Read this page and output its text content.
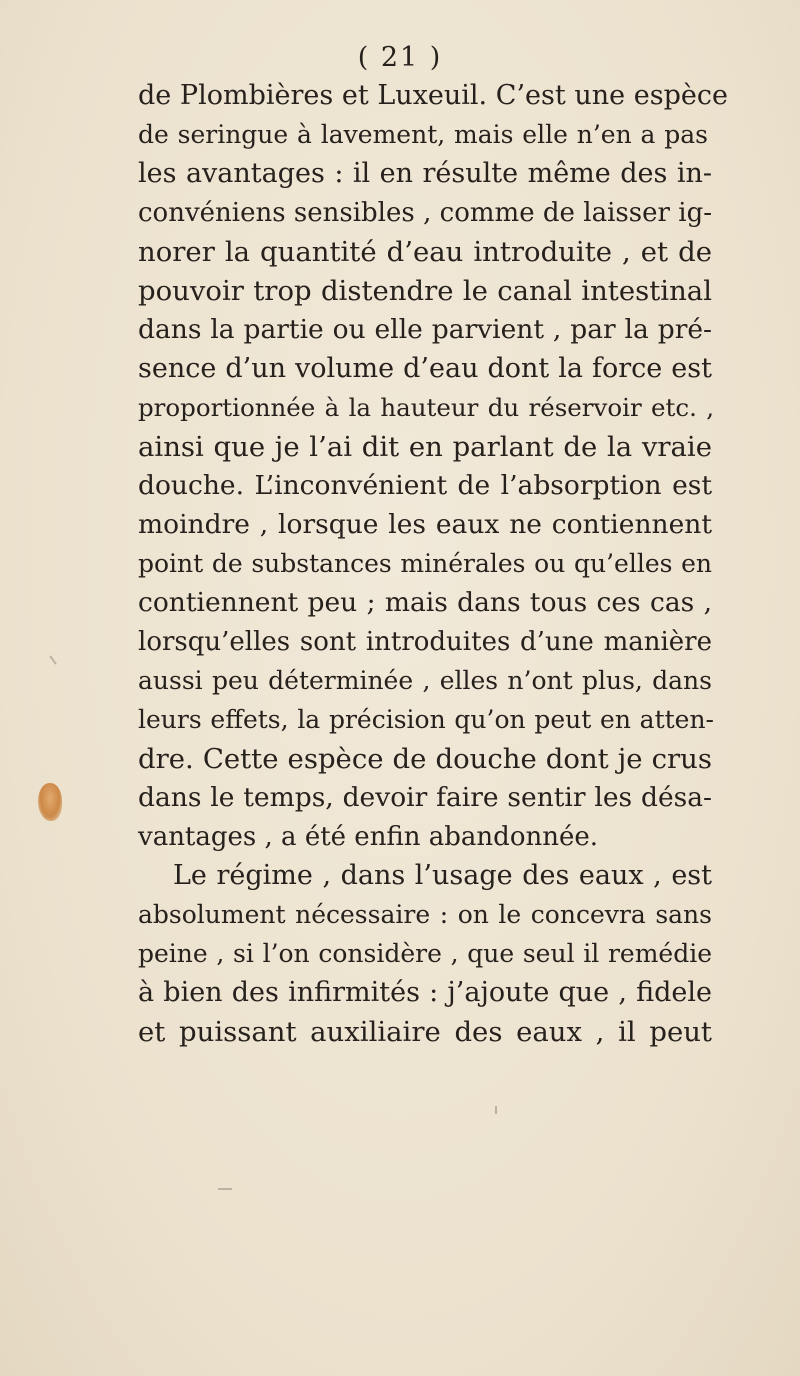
( 21 )
de Plombières et Luxeuil. C’est une espèce
de seringue à lavement, mais elle n’en a pas
les avantages : il en résulte même des in-
convéniens sensibles , comme de laisser ig-
norer la quantité d’eau introduite , et de
pouvoir trop distendre le canal intestinal
dans la partie ou elle parvient , par la pré-
sence d’un volume d’eau dont la force est
proportionnée à la hauteur du réservoir etc. ,
ainsi que je l’ai dit en parlant de la vraie
douche. L’inconvénient de l’absorption est
moindre , lorsque les eaux ne contiennent
point de substances minérales ou qu’elles en
contiennent peu ; mais dans tous ces cas ,
lorsqu’elles sont introduites d’une manière
aussi peu déterminée , elles n’ont plus, dans
leurs effets, la précision qu’on peut en atten-
dre. Cette espèce de douche dont je crus
dans le temps, devoir faire sentir les désa-
vantages , a été enfin abandonnée.
Le régime , dans l’usage des eaux , est
absolument nécessaire : on le concevra sans
peine , si l’on considère , que seul il remédie
à bien des infirmités : j’ajoute que , fidele
et puissant auxiliaire des eaux , il peut
